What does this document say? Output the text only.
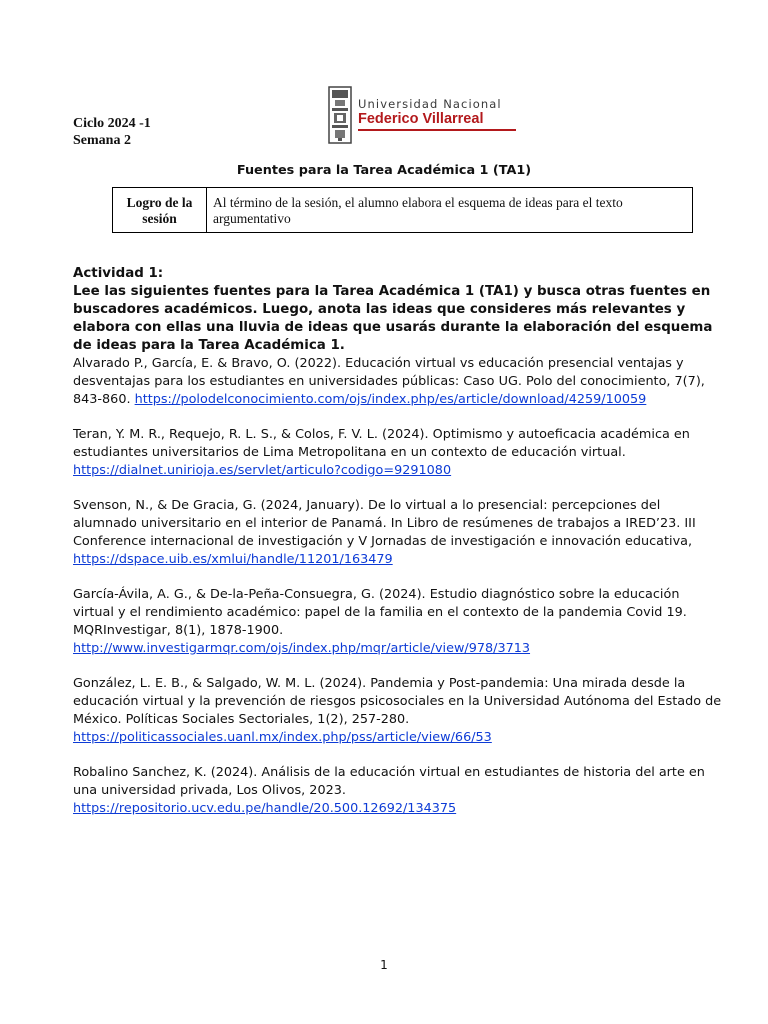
Ciclo 2024 -1
Semana 2
Universidad Nacional
Federico Villarreal
Fuentes para la Tarea Académica 1 (TA1)
Logro de la sesión	Al término de la sesión, el alumno elabora el esquema de ideas para el texto argumentativo
Actividad 1:
Lee las siguientes fuentes para la Tarea Académica 1 (TA1) y busca otras fuentes en buscadores académicos. Luego, anota las ideas que consideres más relevantes y elabora con ellas una lluvia de ideas que usarás durante la elaboración del esquema de ideas para la Tarea Académica 1.

Alvarado P., García, E. & Bravo, O. (2022). Educación virtual vs educación presencial ventajas y desventajas para los estudiantes en universidades públicas: Caso UG. Polo del conocimiento, 7(7), 843-860. https://polodelconocimiento.com/ojs/index.php/es/article/download/4259/10059

Teran, Y. M. R., Requejo, R. L. S., & Colos, F. V. L. (2024). Optimismo y autoeficacia académica en estudiantes universitarios de Lima Metropolitana en un contexto de educación virtual. https://dialnet.unirioja.es/servlet/articulo?codigo=9291080

Svenson, N., & De Gracia, G. (2024, January). De lo virtual a lo presencial: percepciones del alumnado universitario en el interior de Panamá. In Libro de resúmenes de trabajos a IRED’23. III Conference internacional de investigación y V Jornadas de investigación e innovación educativa, https://dspace.uib.es/xmlui/handle/11201/163479

García-Ávila, A. G., & De-la-Peña-Consuegra, G. (2024). Estudio diagnóstico sobre la educación virtual y el rendimiento académico: papel de la familia en el contexto de la pandemia Covid 19. MQRInvestigar, 8(1), 1878-1900. http://www.investigarmqr.com/ojs/index.php/mqr/article/view/978/3713

González, L. E. B., & Salgado, W. M. L. (2024). Pandemia y Post-pandemia: Una mirada desde la educación virtual y la prevención de riesgos psicosociales en la Universidad Autónoma del Estado de México. Políticas Sociales Sectoriales, 1(2), 257-280. https://politicassociales.uanl.mx/index.php/pss/article/view/66/53

Robalino Sanchez, K. (2024). Análisis de la educación virtual en estudiantes de historia del arte en una universidad privada, Los Olivos, 2023. https://repositorio.ucv.edu.pe/handle/20.500.12692/134375

1
